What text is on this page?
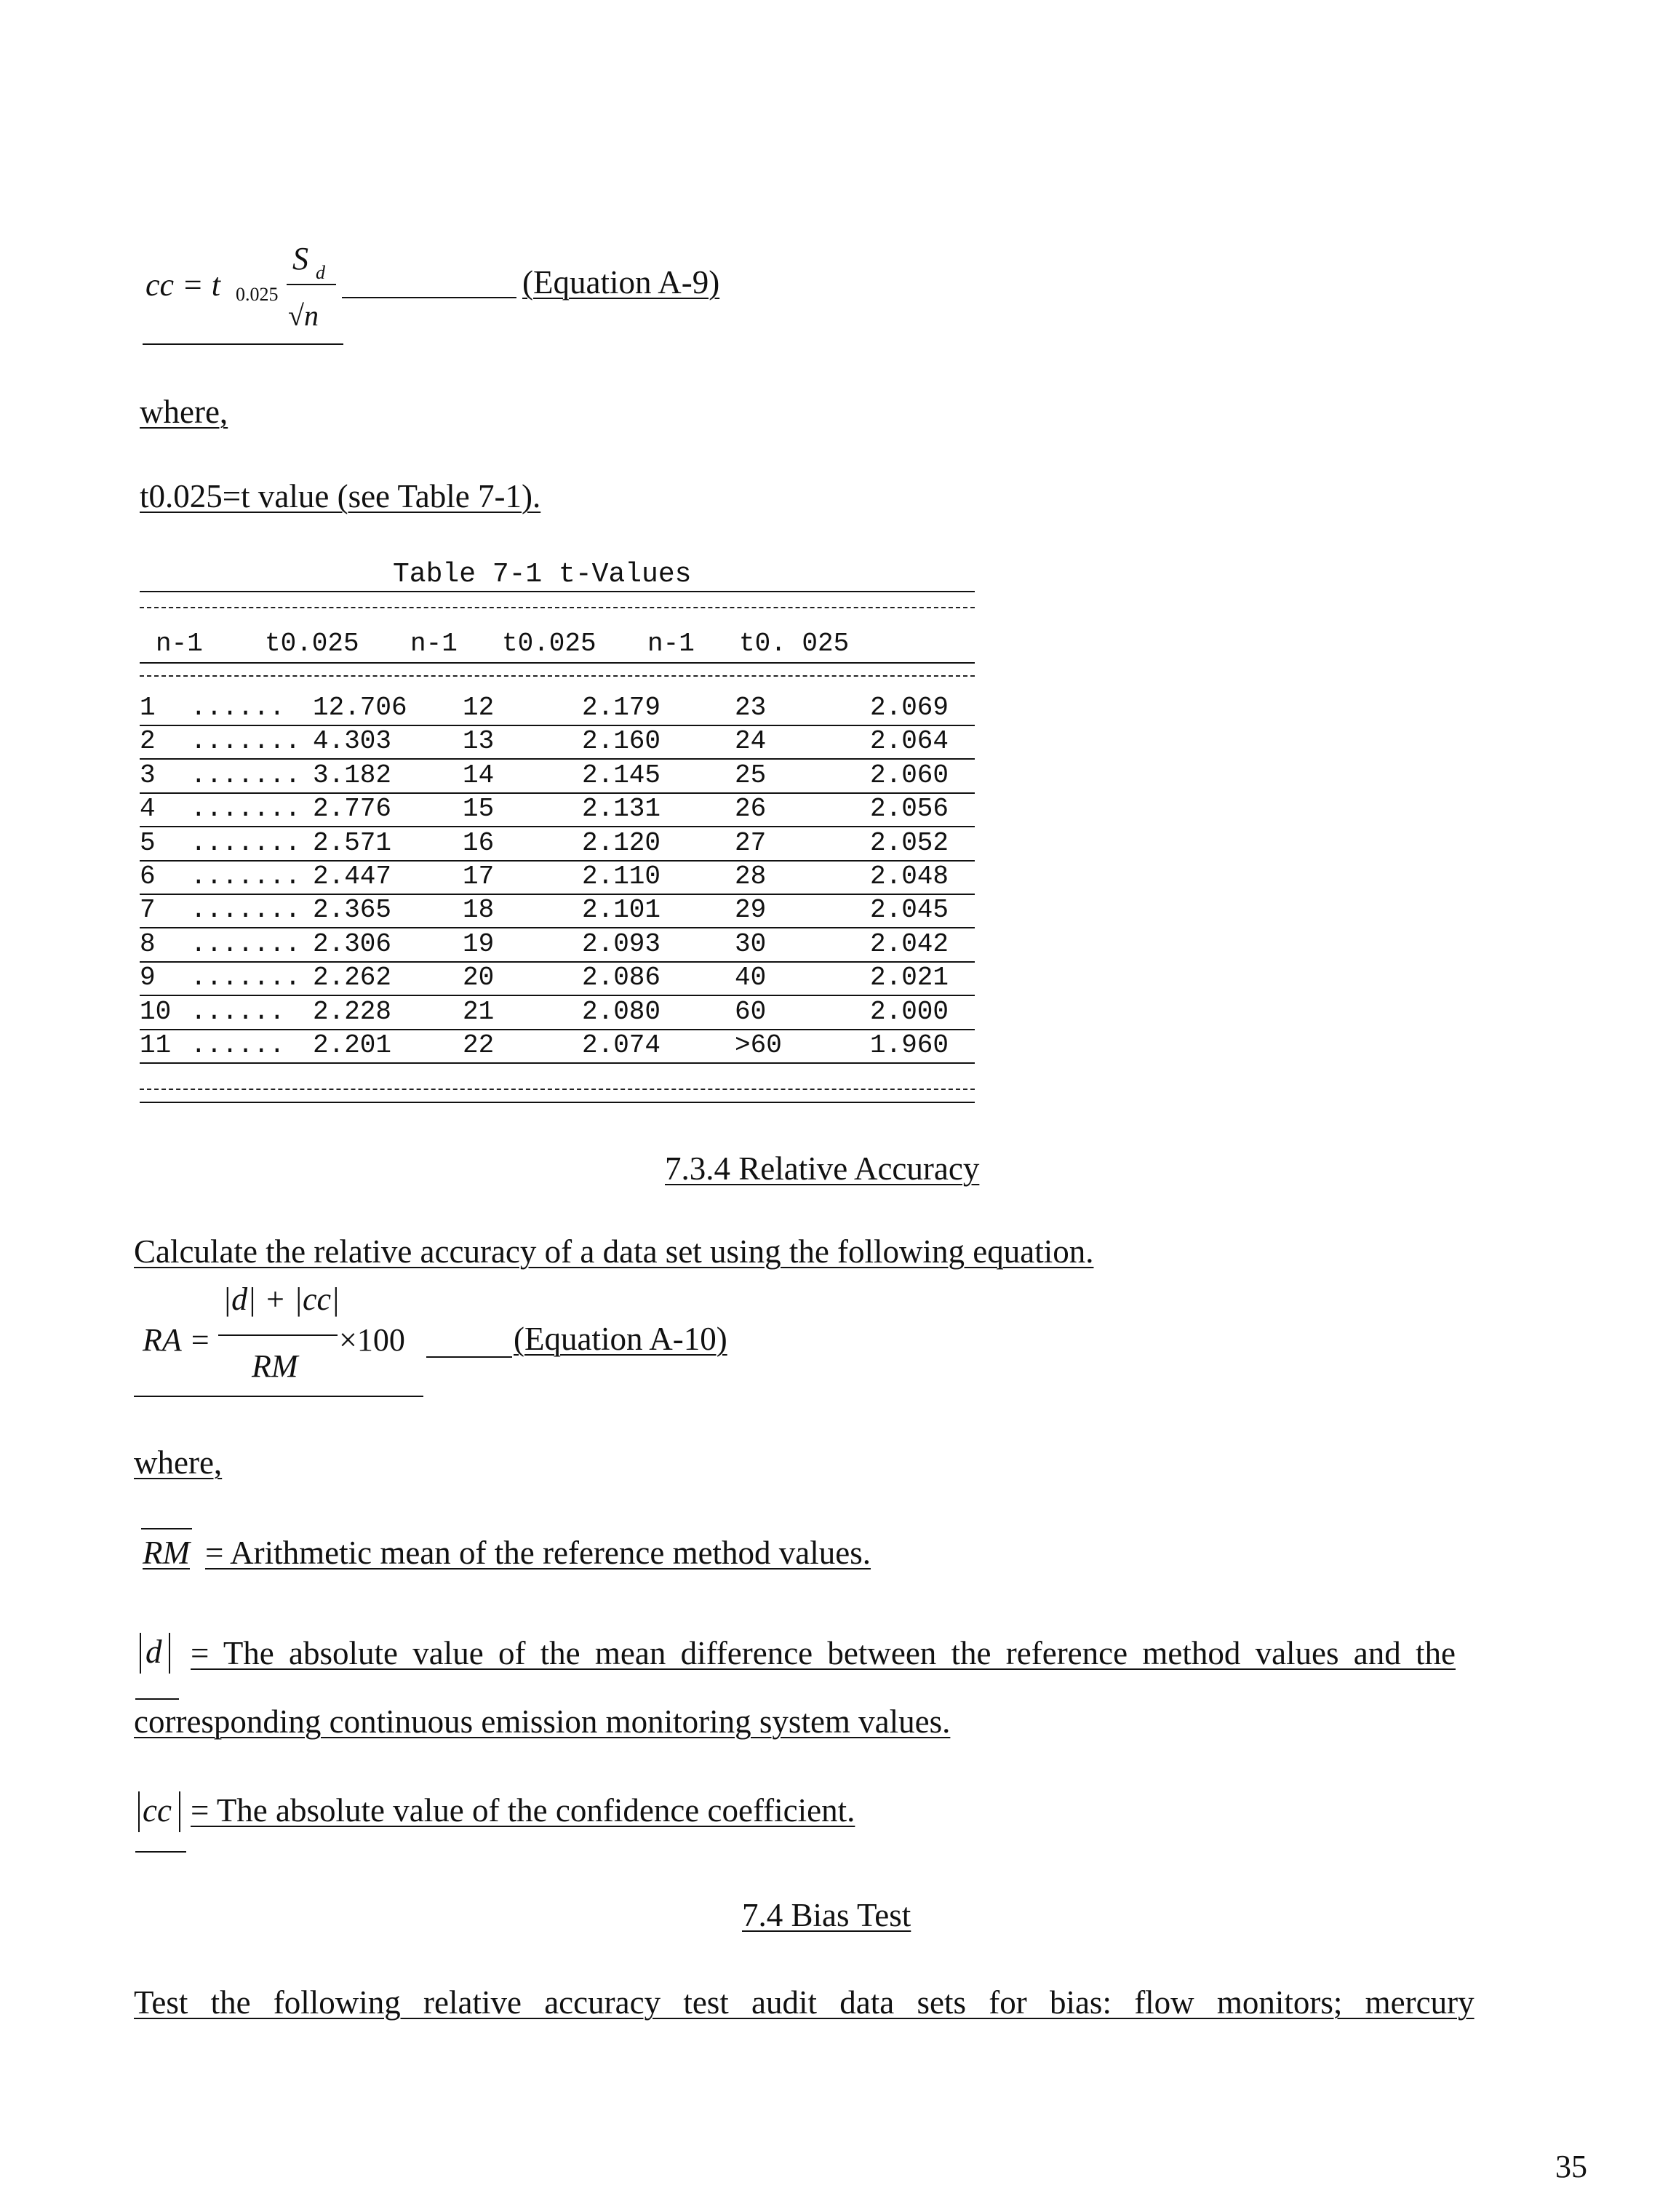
cc = t 0.025
S d
√n
(Equation A-9)
where,
t0.025=t value (see Table 7-1).
Table 7-1 t-Values
n-1 t0.025 n-1 t0.025 n-1 t0. 025
1 ...... 12.706 12	2.179	23	2.069
2 ....... 4.303	13	2.160	24	2.064
3 ....... 3.182	14	2.145	25	2.060
4 ....... 2.776	15	2.131	26	2.056
5 ....... 2.571	16	2.120	27	2.052
6 ....... 2.447	17	2.110	28	2.048
7 ....... 2.365	18	2.101	29	2.045
8 ....... 2.306	19	2.093	30	2.042
9 ....... 2.262	20	2.086	40	2.021
10 ...... 2.228	21	2.080	60	2.000
11 ...... 2.201	22	2.074	>60	1.960
7.3.4 Relative Accuracy
Calculate the relative accuracy of a data set using the following equation.
RA =
|d| + |cc|
RM
×100	(Equation A-10)
where,
RM = Arithmetic mean of the reference method values.
d = The absolute value of the mean difference between the reference method values and the
corresponding continuous emission monitoring system values.
cc = The absolute value of the confidence coefficient.
7.4 Bias Test
Test the following relative accuracy test audit data sets for bias: flow monitors; mercury
35
